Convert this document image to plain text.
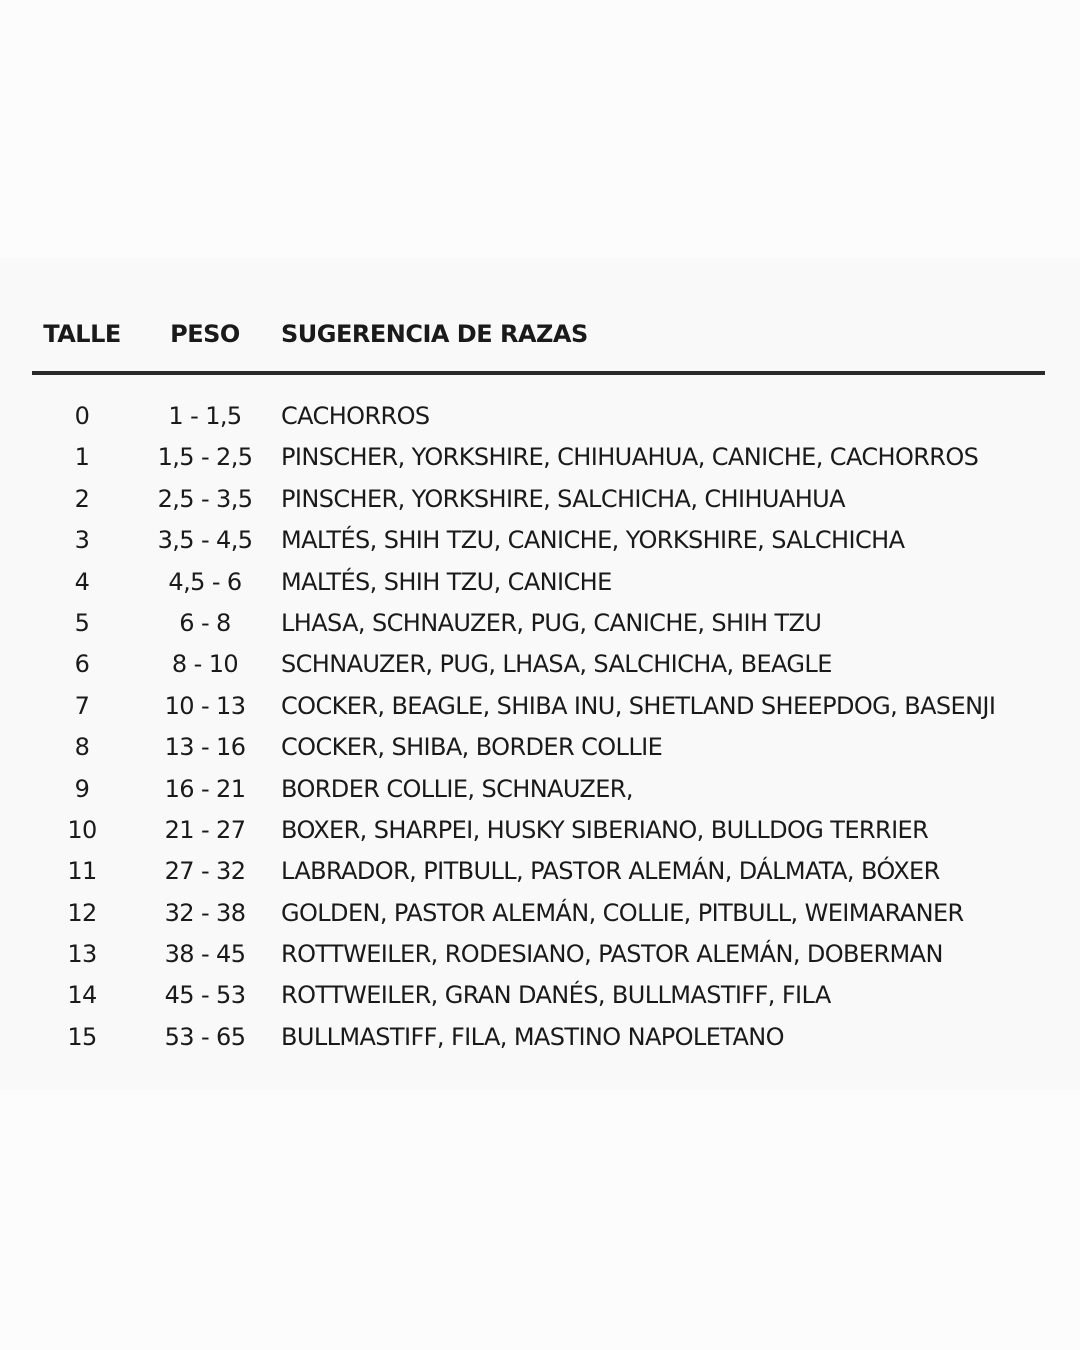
TALLE	PESO	SUGERENCIA DE RAZAS
0	1 - 1,5	CACHORROS
1	1,5 - 2,5	PINSCHER, YORKSHIRE, CHIHUAHUA, CANICHE, CACHORROS
2	2,5 - 3,5	PINSCHER, YORKSHIRE, SALCHICHA, CHIHUAHUA
3	3,5 - 4,5	MALTÉS, SHIH TZU, CANICHE, YORKSHIRE, SALCHICHA
4	4,5 - 6	MALTÉS, SHIH TZU, CANICHE
5	6 - 8	LHASA, SCHNAUZER, PUG, CANICHE, SHIH TZU
6	8 - 10	SCHNAUZER, PUG, LHASA, SALCHICHA, BEAGLE
7	10 - 13	COCKER, BEAGLE, SHIBA INU, SHETLAND SHEEPDOG, BASENJI
8	13 - 16	COCKER, SHIBA, BORDER COLLIE
9	16 - 21	BORDER COLLIE, SCHNAUZER,
10	21 - 27	BOXER, SHARPEI, HUSKY SIBERIANO, BULLDOG TERRIER
11	27 - 32	LABRADOR, PITBULL, PASTOR ALEMÁN, DÁLMATA, BÓXER
12	32 - 38	GOLDEN, PASTOR ALEMÁN, COLLIE, PITBULL, WEIMARANER
13	38 - 45	ROTTWEILER, RODESIANO, PASTOR ALEMÁN, DOBERMAN
14	45 - 53	ROTTWEILER, GRAN DANÉS, BULLMASTIFF, FILA
15	53 - 65	BULLMASTIFF, FILA, MASTINO NAPOLETANO
